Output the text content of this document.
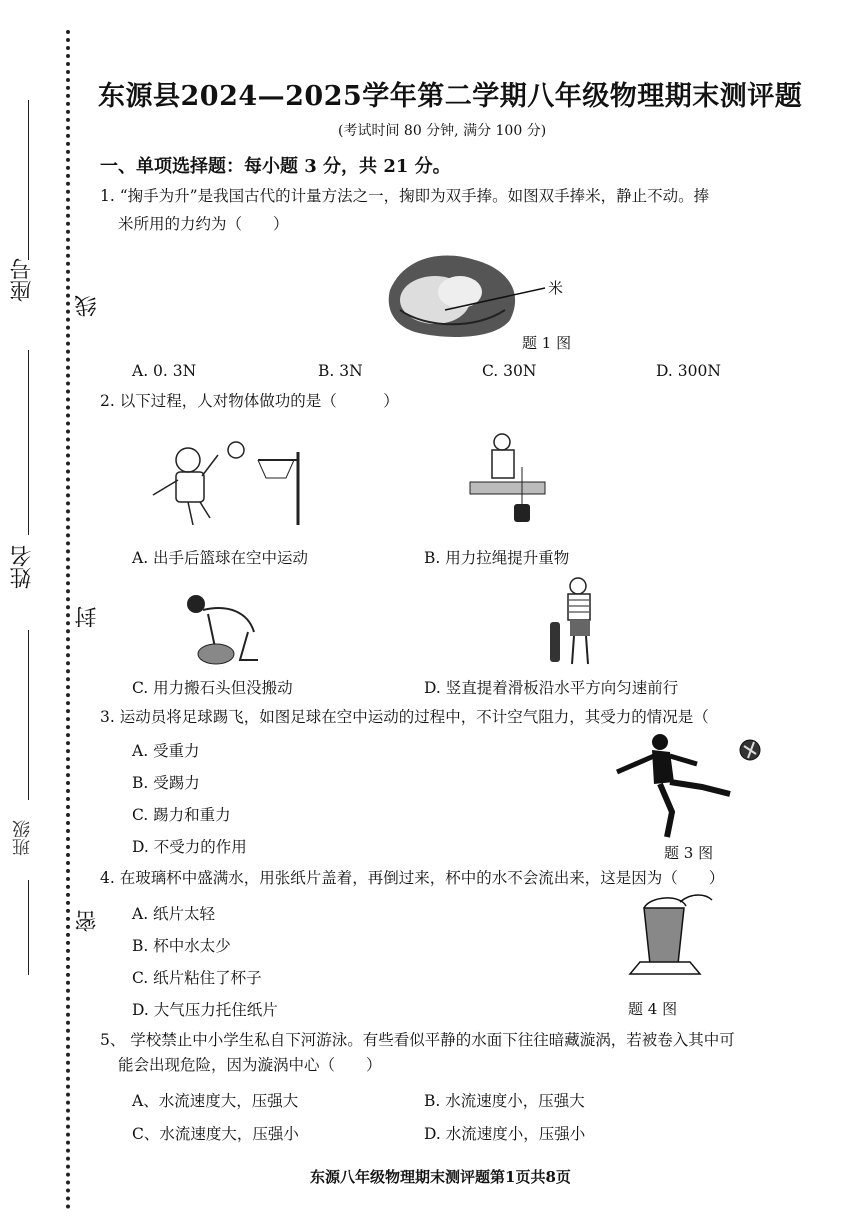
座号
姓名
班级
线
封
密
东源县2024—2025学年第二学期八年级物理期末测评题
(考试时间 80 分钟, 满分 100 分)
一、单项选择题：每小题 3 分，共 21 分。
1. “掬手为升”是我国古代的计量方法之一，掬即为双手捧。如图双手捧米，静止不动。捧
米所用的力约为（　　）
米
题 1 图
A. 0. 3N	B. 3N	C. 30N	D. 300N
2. 以下过程，人对物体做功的是（　　　）
A. 出手后篮球在空中运动	B. 用力拉绳提升重物
C. 用力搬石头但没搬动	D. 竖直提着滑板沿水平方向匀速前行
3. 运动员将足球踢飞，如图足球在空中运动的过程中，不计空气阻力，其受力的情况是（
A. 受重力
B. 受踢力
C. 踢力和重力
D. 不受力的作用	题 3 图
4. 在玻璃杯中盛满水，用张纸片盖着，再倒过来，杯中的水不会流出来，这是因为（　　）
A. 纸片太轻
B. 杯中水太少
C. 纸片粘住了杯子
D. 大气压力托住纸片	题 4 图
5、 学校禁止中小学生私自下河游泳。有些看似平静的水面下往往暗藏漩涡，若被卷入其中可
能会出现危险，因为漩涡中心（　　）
A、水流速度大，压强大	B. 水流速度小，压强大
C、水流速度大，压强小	D. 水流速度小，压强小
东源八年级物理期末测评题第1页共8页
